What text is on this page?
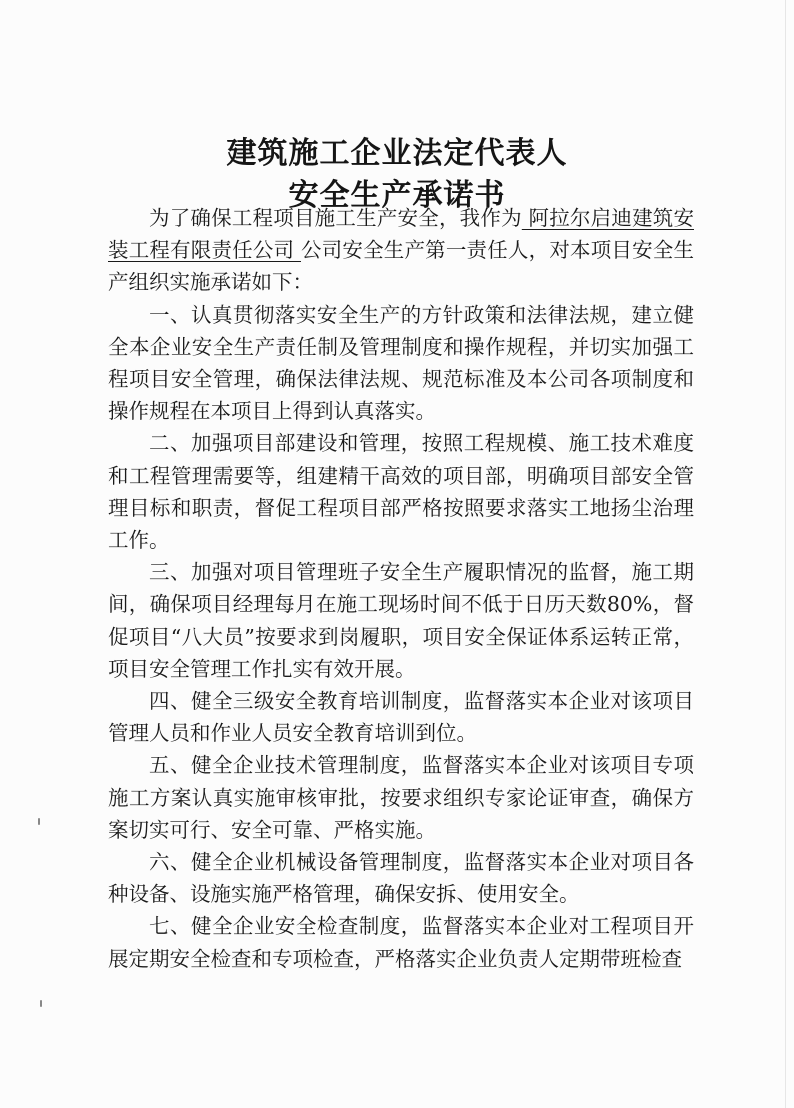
建筑施工企业法定代表人
安全生产承诺书

为了确保工程项目施工生产安全，我作为 阿拉尔启迪建筑安装工程有限责任公司 公司安全生产第一责任人，对本项目安全生产组织实施承诺如下：

一、认真贯彻落实安全生产的方针政策和法律法规，建立健全本企业安全生产责任制及管理制度和操作规程，并切实加强工程项目安全管理，确保法律法规、规范标准及本公司各项制度和操作规程在本项目上得到认真落实。

二、加强项目部建设和管理，按照工程规模、施工技术难度和工程管理需要等，组建精干高效的项目部，明确项目部安全管理目标和职责，督促工程项目部严格按照要求落实工地扬尘治理工作。

三、加强对项目管理班子安全生产履职情况的监督，施工期间，确保项目经理每月在施工现场时间不低于日历天数80%，督促项目“八大员”按要求到岗履职，项目安全保证体系运转正常，项目安全管理工作扎实有效开展。

四、健全三级安全教育培训制度，监督落实本企业对该项目管理人员和作业人员安全教育培训到位。

五、健全企业技术管理制度，监督落实本企业对该项目专项施工方案认真实施审核审批，按要求组织专家论证审查，确保方案切实可行、安全可靠、严格实施。

六、健全企业机械设备管理制度，监督落实本企业对项目各种设备、设施实施严格管理，确保安拆、使用安全。

七、健全企业安全检查制度，监督落实本企业对工程项目开展定期安全检查和专项检查，严格落实企业负责人定期带班检查
